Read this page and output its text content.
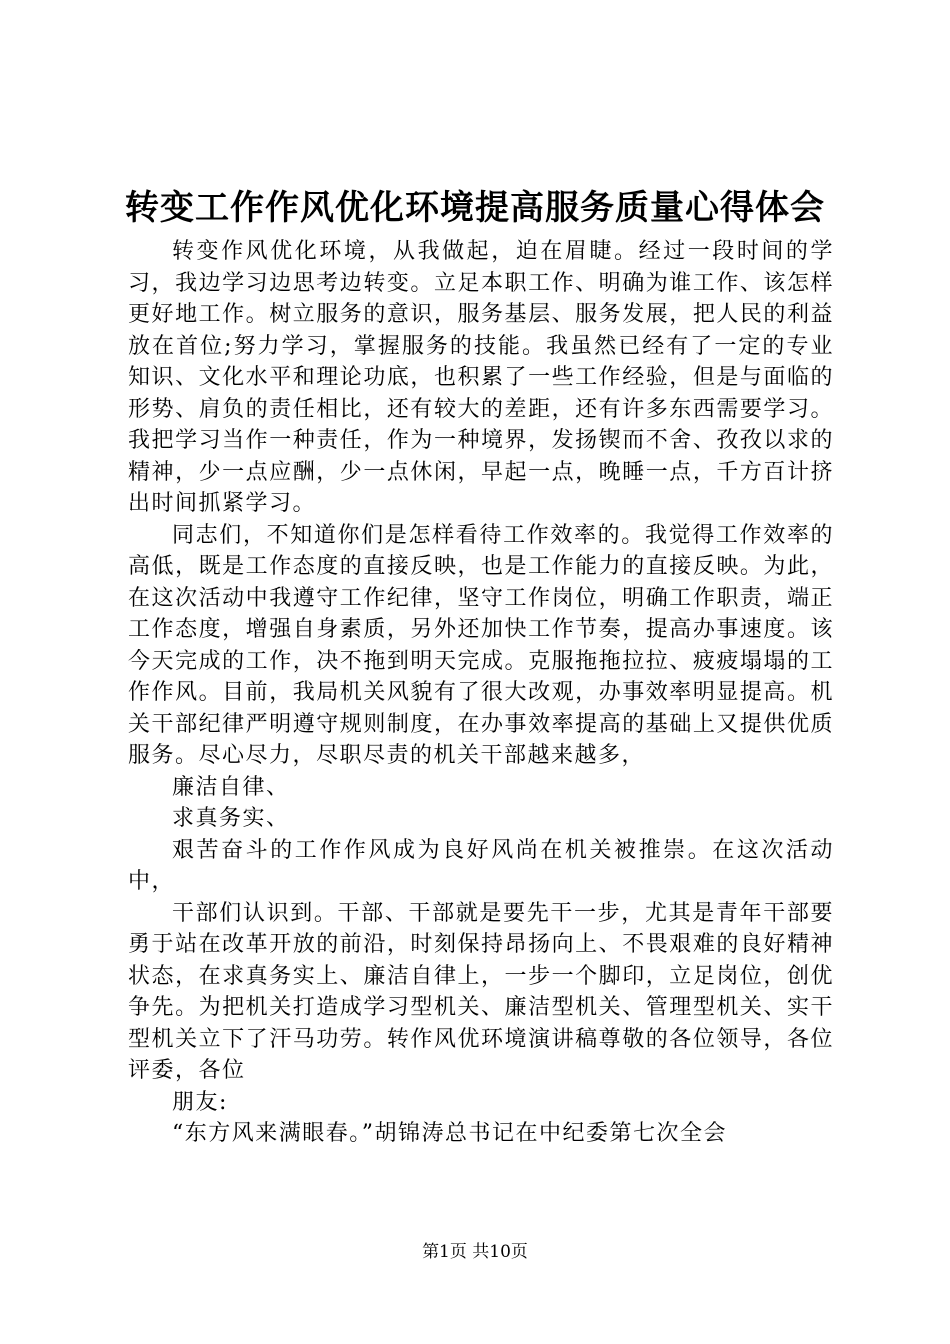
转变工作作风优化环境提高服务质量心得体会

转变作风优化环境，从我做起，迫在眉睫。经过一段时间的学习，我边学习边思考边转变。立足本职工作、明确为谁工作、该怎样更好地工作。树立服务的意识，服务基层、服务发展，把人民的利益放在首位;努力学习，掌握服务的技能。我虽然已经有了一定的专业知识、文化水平和理论功底，也积累了一些工作经验，但是与面临的形势、肩负的责任相比，还有较大的差距，还有许多东西需要学习。我把学习当作一种责任，作为一种境界，发扬锲而不舍、孜孜以求的精神，少一点应酬，少一点休闲，早起一点，晚睡一点，千方百计挤出时间抓紧学习。

同志们，不知道你们是怎样看待工作效率的。我觉得工作效率的高低，既是工作态度的直接反映，也是工作能力的直接反映。为此，在这次活动中我遵守工作纪律，坚守工作岗位，明确工作职责，端正工作态度，增强自身素质，另外还加快工作节奏，提高办事速度。该今天完成的工作，决不拖到明天完成。克服拖拖拉拉、疲疲塌塌的工作作风。目前，我局机关风貌有了很大改观，办事效率明显提高。机关干部纪律严明遵守规则制度，在办事效率提高的基础上又提供优质服务。尽心尽力，尽职尽责的机关干部越来越多，

廉洁自律、

求真务实、

艰苦奋斗的工作作风成为良好风尚在机关被推崇。在这次活动中，

干部们认识到。干部、干部就是要先干一步，尤其是青年干部要勇于站在改革开放的前沿，时刻保持昂扬向上、不畏艰难的良好精神状态，在求真务实上、廉洁自律上，一步一个脚印，立足岗位，创优争先。为把机关打造成学习型机关、廉洁型机关、管理型机关、实干型机关立下了汗马功劳。转作风优环境演讲稿尊敬的各位领导，各位评委，各位

朋友:

“东方风来满眼春。”胡锦涛总书记在中纪委第七次全会

第1页 共10页
